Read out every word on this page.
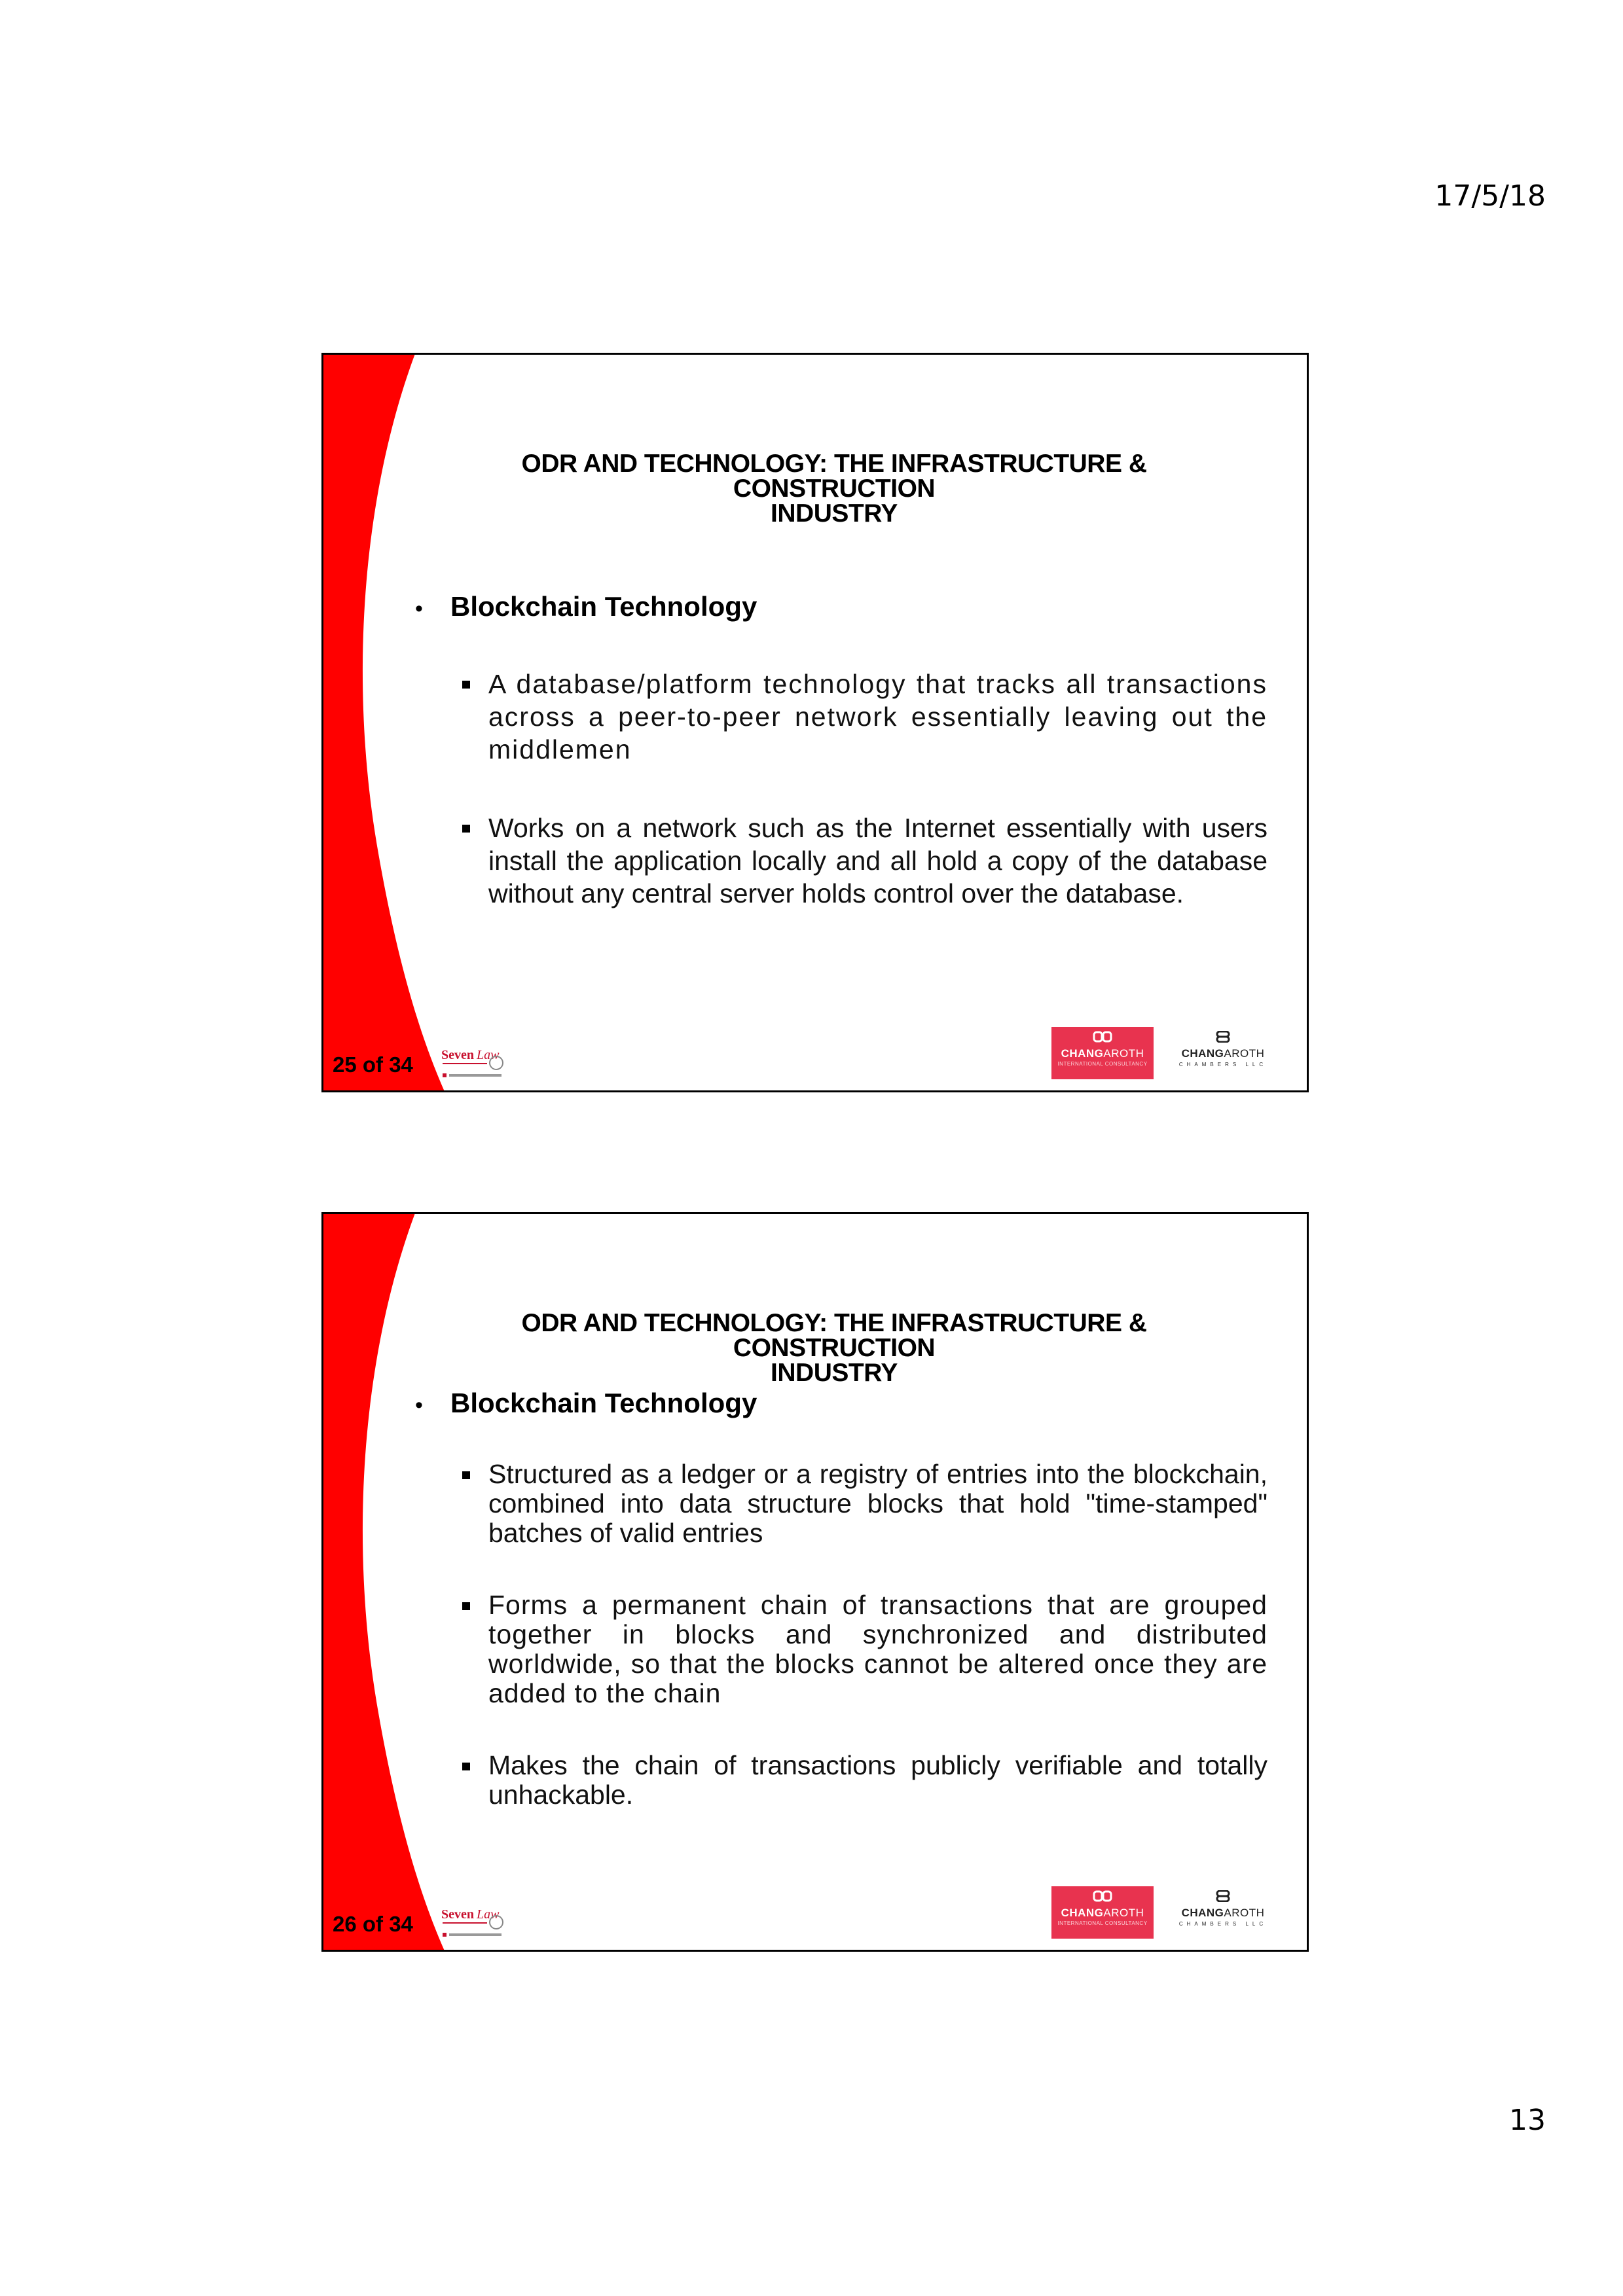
17/5/18
ODR AND TECHNOLOGY: THE INFRASTRUCTURE & CONSTRUCTION
INDUSTRY
• Blockchain Technology
A database/platform technology that tracks all transactions across a peer-to-peer network essentially leaving out the middlemen
Works on a network such as the Internet essentially with users install the application locally and all hold a copy of the database without any central server holds control over the database.
25 of 34	Seven Law	CHANGAROTH
INTERNATIONAL CONSULTANCY
CHANGAROTH
CHAMBERS LLC
ODR AND TECHNOLOGY: THE INFRASTRUCTURE & CONSTRUCTION
INDUSTRY
• Blockchain Technology
Structured as a ledger or a registry of entries into the blockchain, combined into data structure blocks that hold "time-stamped" batches of valid entries
Forms a permanent chain of transactions that are grouped together in blocks and synchronized and distributed worldwide, so that the blocks cannot be altered once they are added to the chain
Makes the chain of transactions publicly verifiable and totally unhackable.
26 of 34	Seven Law	CHANGAROTH
INTERNATIONAL CONSULTANCY
CHANGAROTH
CHAMBERS LLC
13
